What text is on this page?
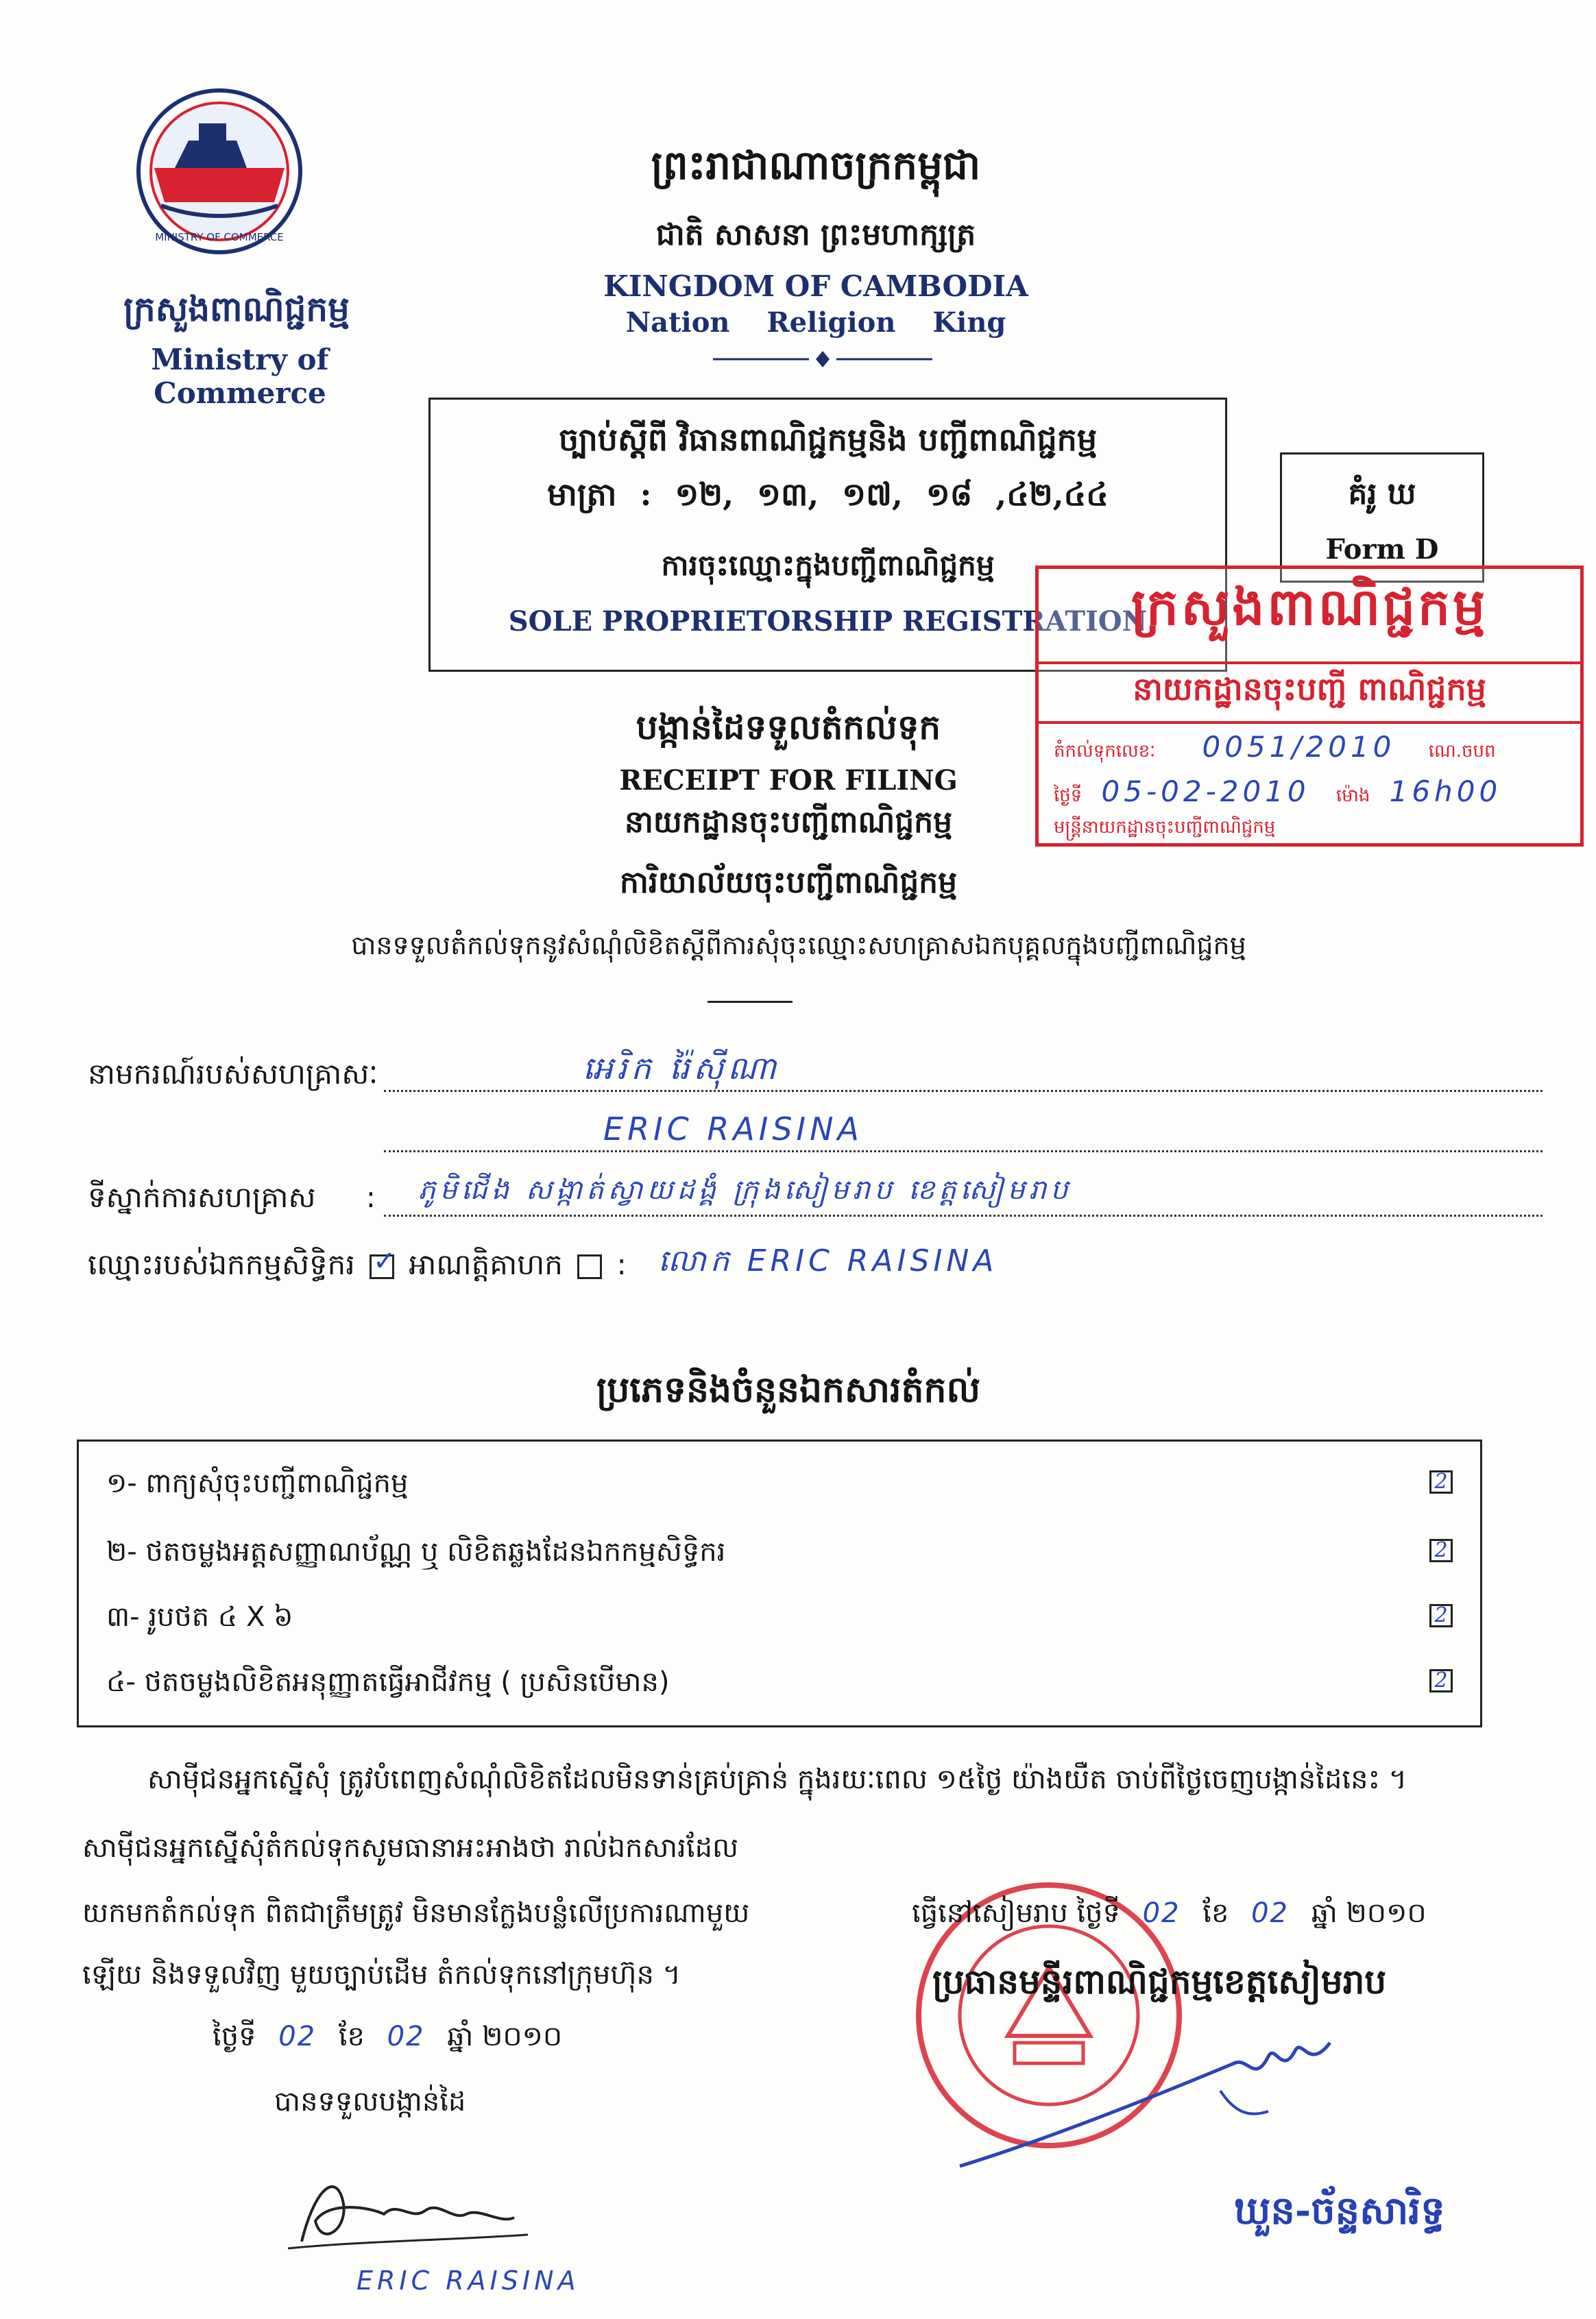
MINISTRY OF COMMERCE
ក្រសួងពាណិជ្ជកម្ម
Ministry of Commerce
ព្រះរាជាណាចក្រកម្ពុជា
ជាតិ សាសនា ព្រះមហាក្សត្រ
KINGDOM OF CAMBODIA
Nation Religion King
ច្បាប់ស្តីពី វិធានពាណិជ្ជកម្មនិង បញ្ជីពាណិជ្ជកម្ម
មាត្រា : ១២, ១៣, ១៧, ១៨ ,៤២,៤៤
ការចុះឈ្មោះក្នុងបញ្ជីពាណិជ្ជកម្ម
SOLE PROPRIETORSHIP REGISTRATION
គំរូ ឃ
Form D
ក្រសួងពាណិជ្ជកម្ម
នាយកដ្ឋានចុះបញ្ជី ពាណិជ្ជកម្ម
តំកល់ទុកលេខៈ 0051/2010 ណេ.ចបព
ថ្ងៃទី 05-02-2010 ម៉ោង 16h00
មន្ត្រីនាយកដ្ឋានចុះបញ្ជីពាណិជ្ជកម្ម
បង្កាន់ដៃទទួលតំកល់ទុក
RECEIPT FOR FILING
នាយកដ្ឋានចុះបញ្ជីពាណិជ្ជកម្ម
ការិយាល័យចុះបញ្ជីពាណិជ្ជកម្ម
បានទទួលតំកល់ទុកនូវសំណុំលិខិតស្តីពីការសុំចុះឈ្មោះសហគ្រាសឯកបុគ្គលក្នុងបញ្ជីពាណិជ្ជកម្ម
នាមករណ៍របស់សហគ្រាសៈ	អេរិក រ៉ៃស៊ីណា
ERIC RAISINA
ទីស្នាក់ការសហគ្រាស : ភូមិជើង សង្កាត់ស្វាយដង្គំ ក្រុងសៀមរាប ខេត្តសៀមរាប
ឈ្មោះរបស់ឯកកម្មសិទ្ធិករ ✓ អាណត្តិគាហក : លោក ERIC RAISINA
ប្រភេទនិងចំនួនឯកសារតំកល់
១- ពាក្យសុំចុះបញ្ជីពាណិជ្ជកម្ម	2
២- ថតចម្លងអត្តសញ្ញាណប័ណ្ណ ឬ លិខិតឆ្លងដែនឯកកម្មសិទ្ធិករ	2
៣- រូបថត ៤ X ៦	2
៤- ថតចម្លងលិខិតអនុញ្ញាតធ្វើអាជីវកម្ម ( ប្រសិនបើមាន)	2
សាម៉ីជនអ្នកស្នើសុំ ត្រូវបំពេញសំណុំលិខិតដែលមិនទាន់គ្រប់គ្រាន់ ក្នុងរយៈពេល ១៥ថ្ងៃ យ៉ាងយឺត ចាប់ពីថ្ងៃចេញបង្កាន់ដៃនេះ ។
សាម៉ីជនអ្នកស្នើសុំតំកល់ទុកសូមធានាអះអាងថា រាល់ឯកសារដែល
យកមកតំកល់ទុក ពិតជាត្រឹមត្រូវ មិនមានក្លែងបន្លំលើប្រការណាមួយ
ឡើយ និងទទួលវិញ មួយច្បាប់ដើម តំកល់ទុកនៅក្រុមហ៊ុន ។
ថ្ងៃទី 02 ខែ 02 ឆ្នាំ ២០១០
បានទទួលបង្កាន់ដៃ
ERIC RAISINA
ធ្វើនៅសៀមរាប ថ្ងៃទី 02 ខែ 02 ឆ្នាំ ២០១០
ប្រធានមន្ទីរពាណិជ្ជកម្មខេត្តសៀមរាប
ឃួន-ច័ន្ទសារិទ្ធ
